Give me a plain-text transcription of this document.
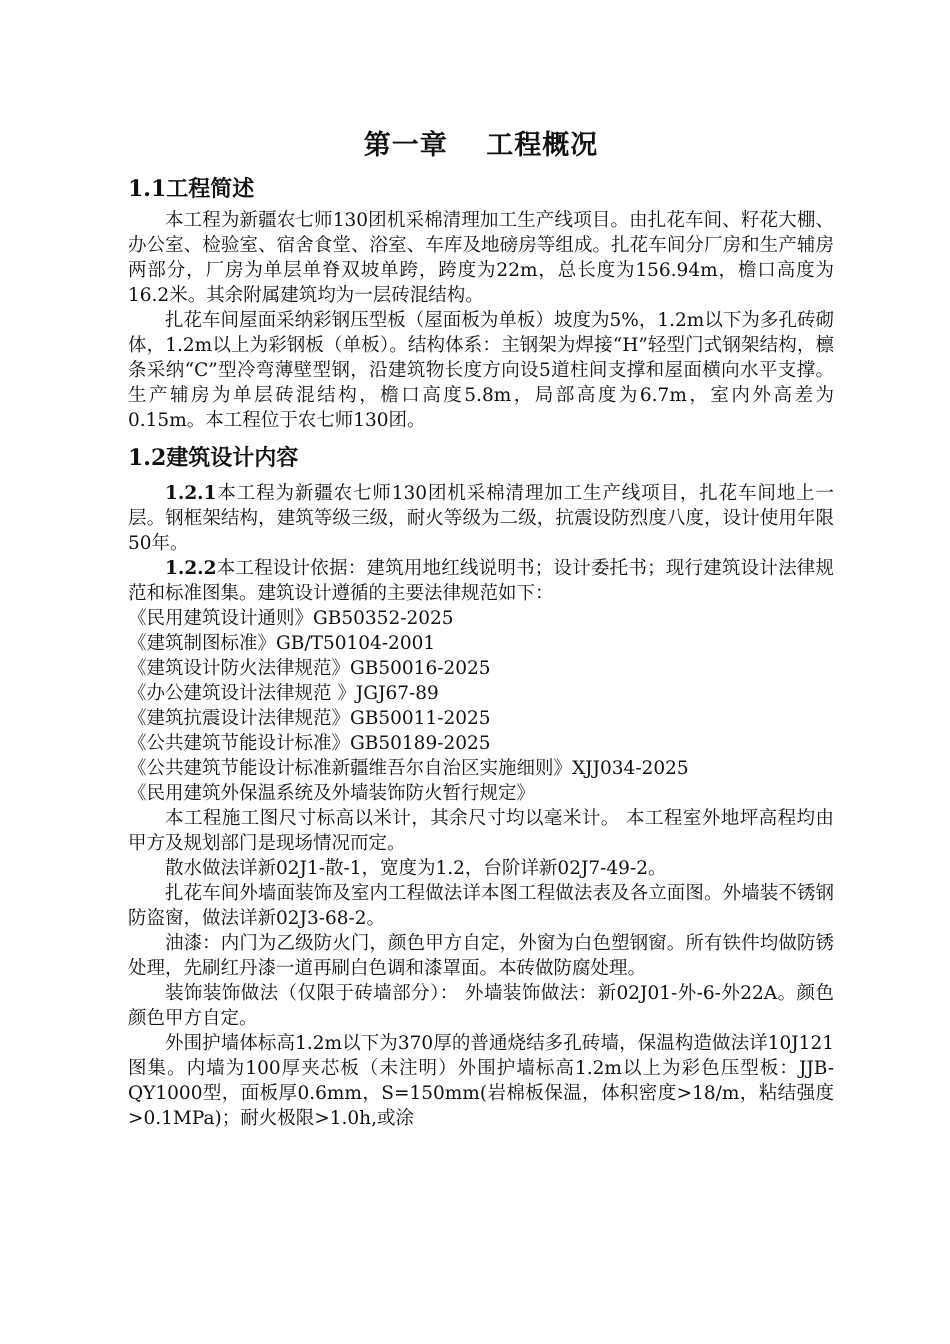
第一章　 工程概况
1.1工程简述

本工程为新疆农七师130团机采棉清理加工生产线项目。由扎花车间、籽花大棚、办公室、检验室、宿舍食堂、浴室、车库及地磅房等组成。扎花车间分厂房和生产辅房两部分，厂房为单层单脊双坡单跨，跨度为22m，总长度为156.94m，檐口高度为16.2米。其余附属建筑均为一层砖混结构。

扎花车间屋面采纳彩钢压型板（屋面板为单板）坡度为5%，1.2m以下为多孔砖砌体，1.2m以上为彩钢板（单板）。结构体系：主钢架为焊接“H”轻型门式钢架结构，檩条采纳“C”型冷弯薄壁型钢，沿建筑物长度方向设5道柱间支撑和屋面横向水平支撑。生产辅房为单层砖混结构，檐口高度5.8m，局部高度为6.7m，室内外高差为0.15m。本工程位于农七师130团。

1.2建筑设计内容

1.2.1本工程为新疆农七师130团机采棉清理加工生产线项目，扎花车间地上一层。钢框架结构，建筑等级三级，耐火等级为二级，抗震设防烈度八度，设计使用年限50年。

1.2.2本工程设计依据：建筑用地红线说明书；设计委托书；现行建筑设计法律规范和标准图集。建筑设计遵循的主要法律规范如下：

《民用建筑设计通则》GB50352-2025

《建筑制图标准》GB/T50104-2001

《建筑设计防火法律规范》GB50016-2025

《办公建筑设计法律规范 》JGJ67-89

《建筑抗震设计法律规范》GB50011-2025

《公共建筑节能设计标准》GB50189-2025

《公共建筑节能设计标准新疆维吾尔自治区实施细则》XJJ034-2025

《民用建筑外保温系统及外墙装饰防火暂行规定》

本工程施工图尺寸标高以米计，其余尺寸均以毫米计。 本工程室外地坪高程均由甲方及规划部门是现场情况而定。

散水做法详新02J1-散-1，宽度为1.2，台阶详新02J7-49-2。

扎花车间外墙面装饰及室内工程做法详本图工程做法表及各立面图。外墙装不锈钢防盗窗，做法详新02J3-68-2。

油漆：内门为乙级防火门，颜色甲方自定，外窗为白色塑钢窗。所有铁件均做防锈处理，先刷红丹漆一道再刷白色调和漆罩面。本砖做防腐处理。

装饰装饰做法（仅限于砖墙部分）： 外墙装饰做法：新02J01-外-6-外22A。颜色颜色甲方自定。

外围护墙体标高1.2m以下为370厚的普通烧结多孔砖墙，保温构造做法详10J121图集。内墙为100厚夹芯板（未注明）外围护墙标高1.2m以上为彩色压型板：JJB-QY1000型，面板厚0.6mm，S=150mm(岩棉板保温，体积密度>18/m，粘结强度>0.1MPa)；耐火极限>1.0h,或涂
